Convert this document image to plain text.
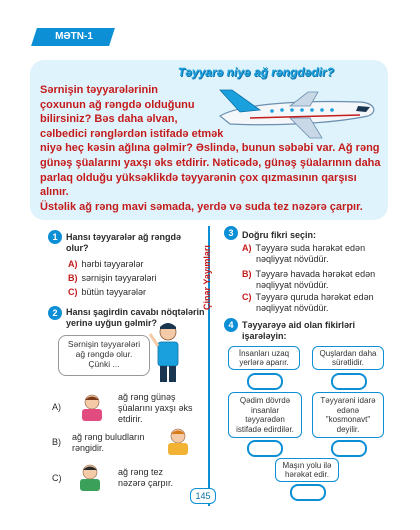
MƏTN-1
Təyyarə niyə ağ rəngdədir?
Sərnişin təyyarələrinin
çoxunun ağ rəngdə olduğunu
bilirsiniz? Bəs daha əlvan,
cəlbedici rənglərdən istifadə etmək
niyə heç kəsin ağlına gəlmir? Əslində, bunun səbəbi var. Ağ rəng
günəş şüalarını yaxşı əks etdirir. Nəticədə, günəş şüalarının daha
parlaq olduğu yüksəklikdə təyyarənin çox qızmasının qarşısı alınır.
Üstəlik ağ rəng mavi səmada, yerdə və suda tez nəzərə çarpır.
Çinar Yayımları
1 Hansı təyyarələr ağ rəngdə
olur?
A) hərbi təyyarələr
B) sərnişin təyyarələri
C) bütün təyyarələr
2 Hansı şagirdin cavabı nöqtələrin
yerinə uyğun gəlmir?
Sərnişin təyyarələri
ağ rəngdə olur.
Çünki ...
A)
ağ rəng günəş
şüalarını yaxşı əks
etdirir.
B) ağ rəng buludların
rəngidir.
C)
ağ rəng tez
nəzərə çarpır.
3 Doğru fikri seçin:
A) Təyyarə suda hərəkət edən
nəqliyyat növüdür.
B) Təyyarə havada hərəkət edən
nəqliyyat növüdür.
C) Təyyarə quruda hərəkət edən
nəqliyyat növüdür.
4 Təyyarəyə aid olan fikirləri
işarələyin:
İnsanları uzaq
yerlərə aparır.
Quşlardan daha
sürətlidir.
Qədim dövrdə
insanlar
təyyarədən
istifadə edirdilər.
Təyyarəni idarə
edənə
"kosmonavt"
deyilir.
Maşın yolu ilə
hərəkət edir.
145
